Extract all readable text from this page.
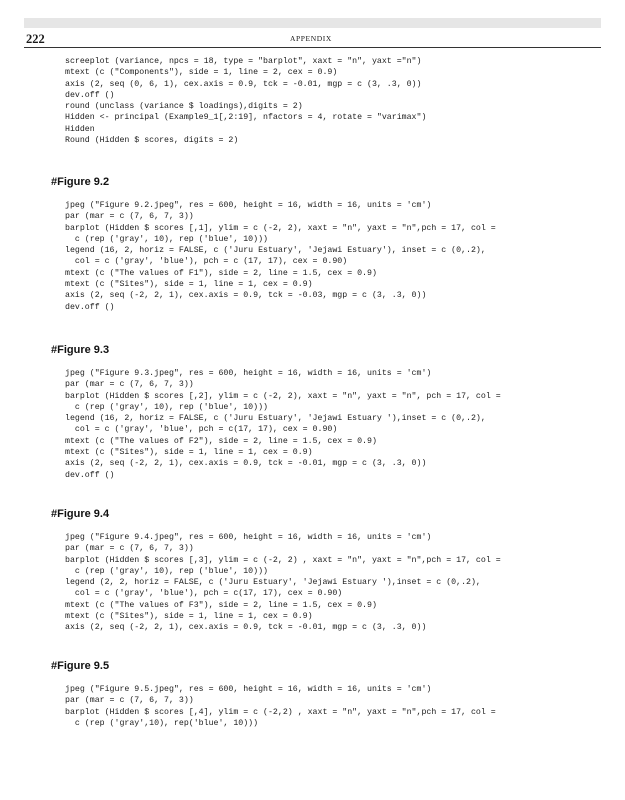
222	APPENDIX
screeplot (variance, npcs = 18, type = "barplot", xaxt = "n", yaxt ="n")
mtext (c ("Components"), side = 1, line = 2, cex = 0.9)
axis (2, seq (0, 6, 1), cex.axis = 0.9, tck = -0.01, mgp = c (3, .3, 0))
dev.off ()
round (unclass (variance $ loadings),digits = 2)
Hidden <- principal (Example9_1[,2:19], nfactors = 4, rotate = "varimax")
Hidden
Round (Hidden $ scores, digits = 2)
#Figure 9.2
jpeg ("Figure 9.2.jpeg", res = 600, height = 16, width = 16, units = 'cm')
par (mar = c (7, 6, 7, 3))
barplot (Hidden $ scores [,1], ylim = c (-2, 2), xaxt = "n", yaxt = "n",pch = 17, col =
c (rep ('gray', 10), rep ('blue', 10)))
legend (16, 2, horiz = FALSE, c ('Juru Estuary', 'Jejawi Estuary'), inset = c (0,.2),
col = c ('gray', 'blue'), pch = c (17, 17), cex = 0.90)
mtext (c ("The values of F1"), side = 2, line = 1.5, cex = 0.9)
mtext (c ("Sites"), side = 1, line = 1, cex = 0.9)
axis (2, seq (-2, 2, 1), cex.axis = 0.9, tck = -0.03, mgp = c (3, .3, 0))
dev.off ()
#Figure 9.3
jpeg ("Figure 9.3.jpeg", res = 600, height = 16, width = 16, units = 'cm')
par (mar = c (7, 6, 7, 3))
barplot (Hidden $ scores [,2], ylim = c (-2, 2), xaxt = "n", yaxt = "n", pch = 17, col =
c (rep ('gray', 10), rep ('blue', 10)))
legend (16, 2, horiz = FALSE, c ('Juru Estuary', 'Jejawi Estuary '),inset = c (0,.2),
col = c ('gray', 'blue', pch = c(17, 17), cex = 0.90)
mtext (c ("The values of F2"), side = 2, line = 1.5, cex = 0.9)
mtext (c ("Sites"), side = 1, line = 1, cex = 0.9)
axis (2, seq (-2, 2, 1), cex.axis = 0.9, tck = -0.01, mgp = c (3, .3, 0))
dev.off ()
#Figure 9.4
jpeg ("Figure 9.4.jpeg", res = 600, height = 16, width = 16, units = 'cm')
par (mar = c (7, 6, 7, 3))
barplot (Hidden $ scores [,3], ylim = c (-2, 2) , xaxt = "n", yaxt = "n",pch = 17, col =
c (rep ('gray', 10), rep ('blue', 10)))
legend (2, 2, horiz = FALSE, c ('Juru Estuary', 'Jejawi Estuary '),inset = c (0,.2),
col = c ('gray', 'blue'), pch = c(17, 17), cex = 0.90)
mtext (c ("The values of F3"), side = 2, line = 1.5, cex = 0.9)
mtext (c ("Sites"), side = 1, line = 1, cex = 0.9)
axis (2, seq (-2, 2, 1), cex.axis = 0.9, tck = -0.01, mgp = c (3, .3, 0))
#Figure 9.5
jpeg ("Figure 9.5.jpeg", res = 600, height = 16, width = 16, units = 'cm')
par (mar = c (7, 6, 7, 3))
barplot (Hidden $ scores [,4], ylim = c (-2,2) , xaxt = "n", yaxt = "n",pch = 17, col =
c (rep ('gray',10), rep('blue', 10)))
